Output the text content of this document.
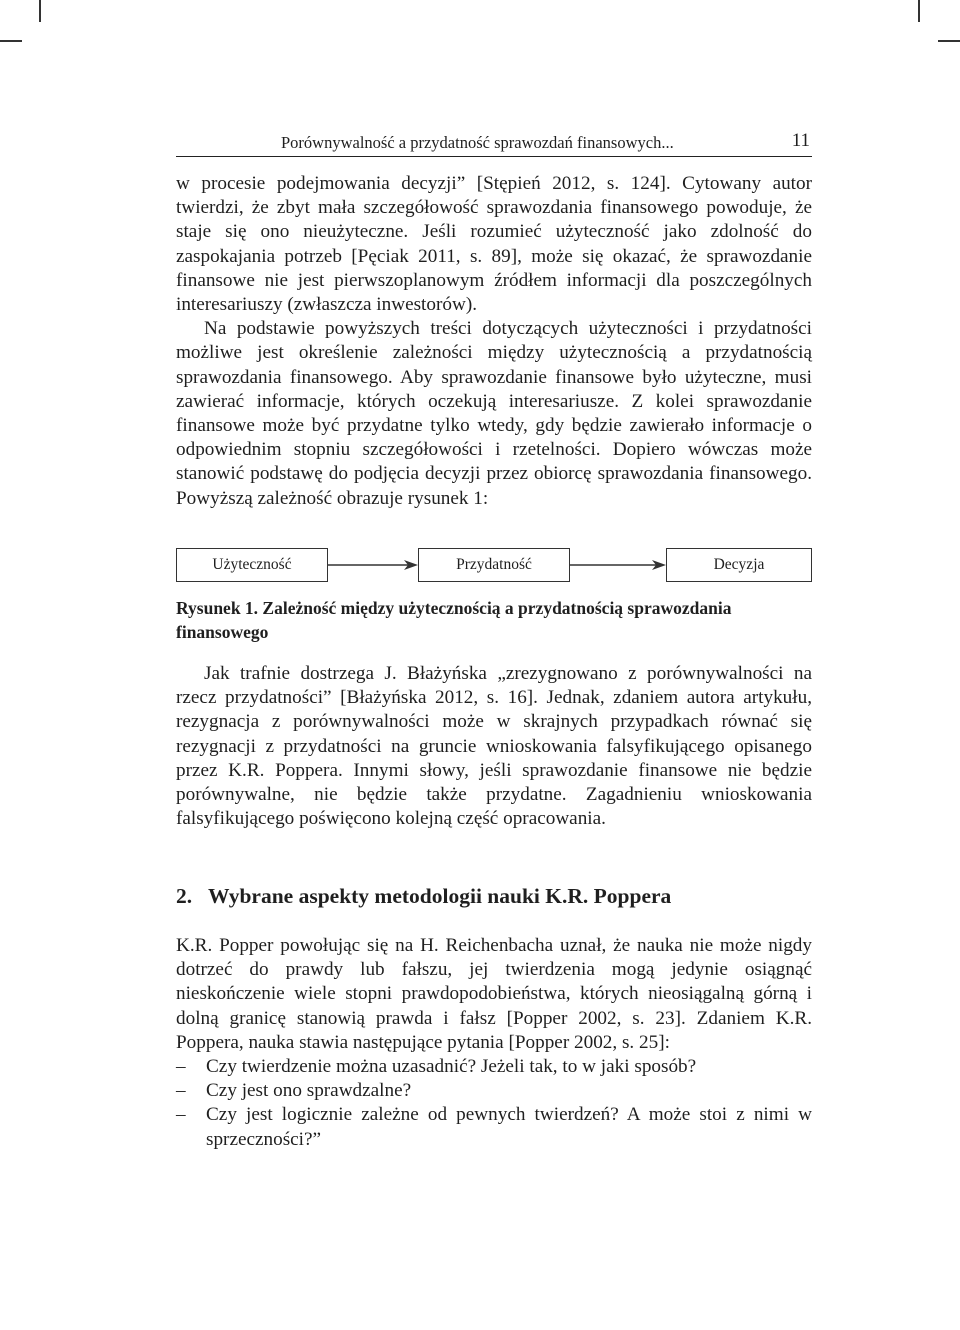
Porównywalność a przydatność sprawozdań finansowych...	11

w procesie podejmowania decyzji” [Stępień 2012, s. 124]. Cytowany autor twierdzi, że zbyt mała szczegółowość sprawozdania finansowego powoduje, że staje się ono nieużyteczne. Jeśli rozumieć użyteczność jako zdolność do zaspokajania potrzeb [Pęciak 2011, s. 89], może się okazać, że sprawozdanie finansowe nie jest pierwszoplanowym źródłem informacji dla poszczególnych interesariuszy (zwłaszcza inwestorów).

Na podstawie powyższych treści dotyczących użyteczności i przydatności możliwe jest określenie zależności między użytecznością a przydatnością sprawozdania finansowego. Aby sprawozdanie finansowe było użyteczne, musi zawierać informacje, których oczekują interesariusze. Z kolei sprawozdanie finansowe może być przydatne tylko wtedy, gdy będzie zawierało informacje o odpowiednim stopniu szczegółowości i rzetelności. Dopiero wówczas może stanowić podstawę do podjęcia decyzji przez obiorcę sprawozdania finansowego. Powyższą zależność obrazuje rysunek 1:

Użyteczność	Przydatność	Decyzja
Rysunek 1. Zależność między użytecznością a przydatnością sprawozdania finansowego

Jak trafnie dostrzega J. Błażyńska „zrezygnowano z porównywalności na rzecz przydatności” [Błażyńska 2012, s. 16]. Jednak, zdaniem autora artykułu, rezygnacja z porównywalności może w skrajnych przypadkach równać się rezygnacji z przydatności na gruncie wnioskowania falsyfikującego opisanego przez K.R. Poppera. Innymi słowy, jeśli sprawozdanie finansowe nie będzie porównywalne, nie będzie także przydatne. Zagadnieniu wnioskowania falsyfikującego poświęcono kolejną część opracowania.

2. Wybrane aspekty metodologii nauki K.R. Poppera

K.R. Popper powołując się na H. Reichenbacha uznał, że nauka nie może nigdy dotrzeć do prawdy lub fałszu, jej twierdzenia mogą jedynie osiągnąć nieskończenie wiele stopni prawdopodobieństwa, których nieosiągalną górną i dolną granicę stanowią prawda i fałsz [Popper 2002, s. 23]. Zdaniem K.R. Poppera, nauka stawia następujące pytania [Popper 2002, s. 25]:

– Czy twierdzenie można uzasadnić? Jeżeli tak, to w jaki sposób?

– Czy jest ono sprawdzalne?

– Czy jest logicznie zależne od pewnych twierdzeń? A może stoi z nimi w sprzeczności?”
